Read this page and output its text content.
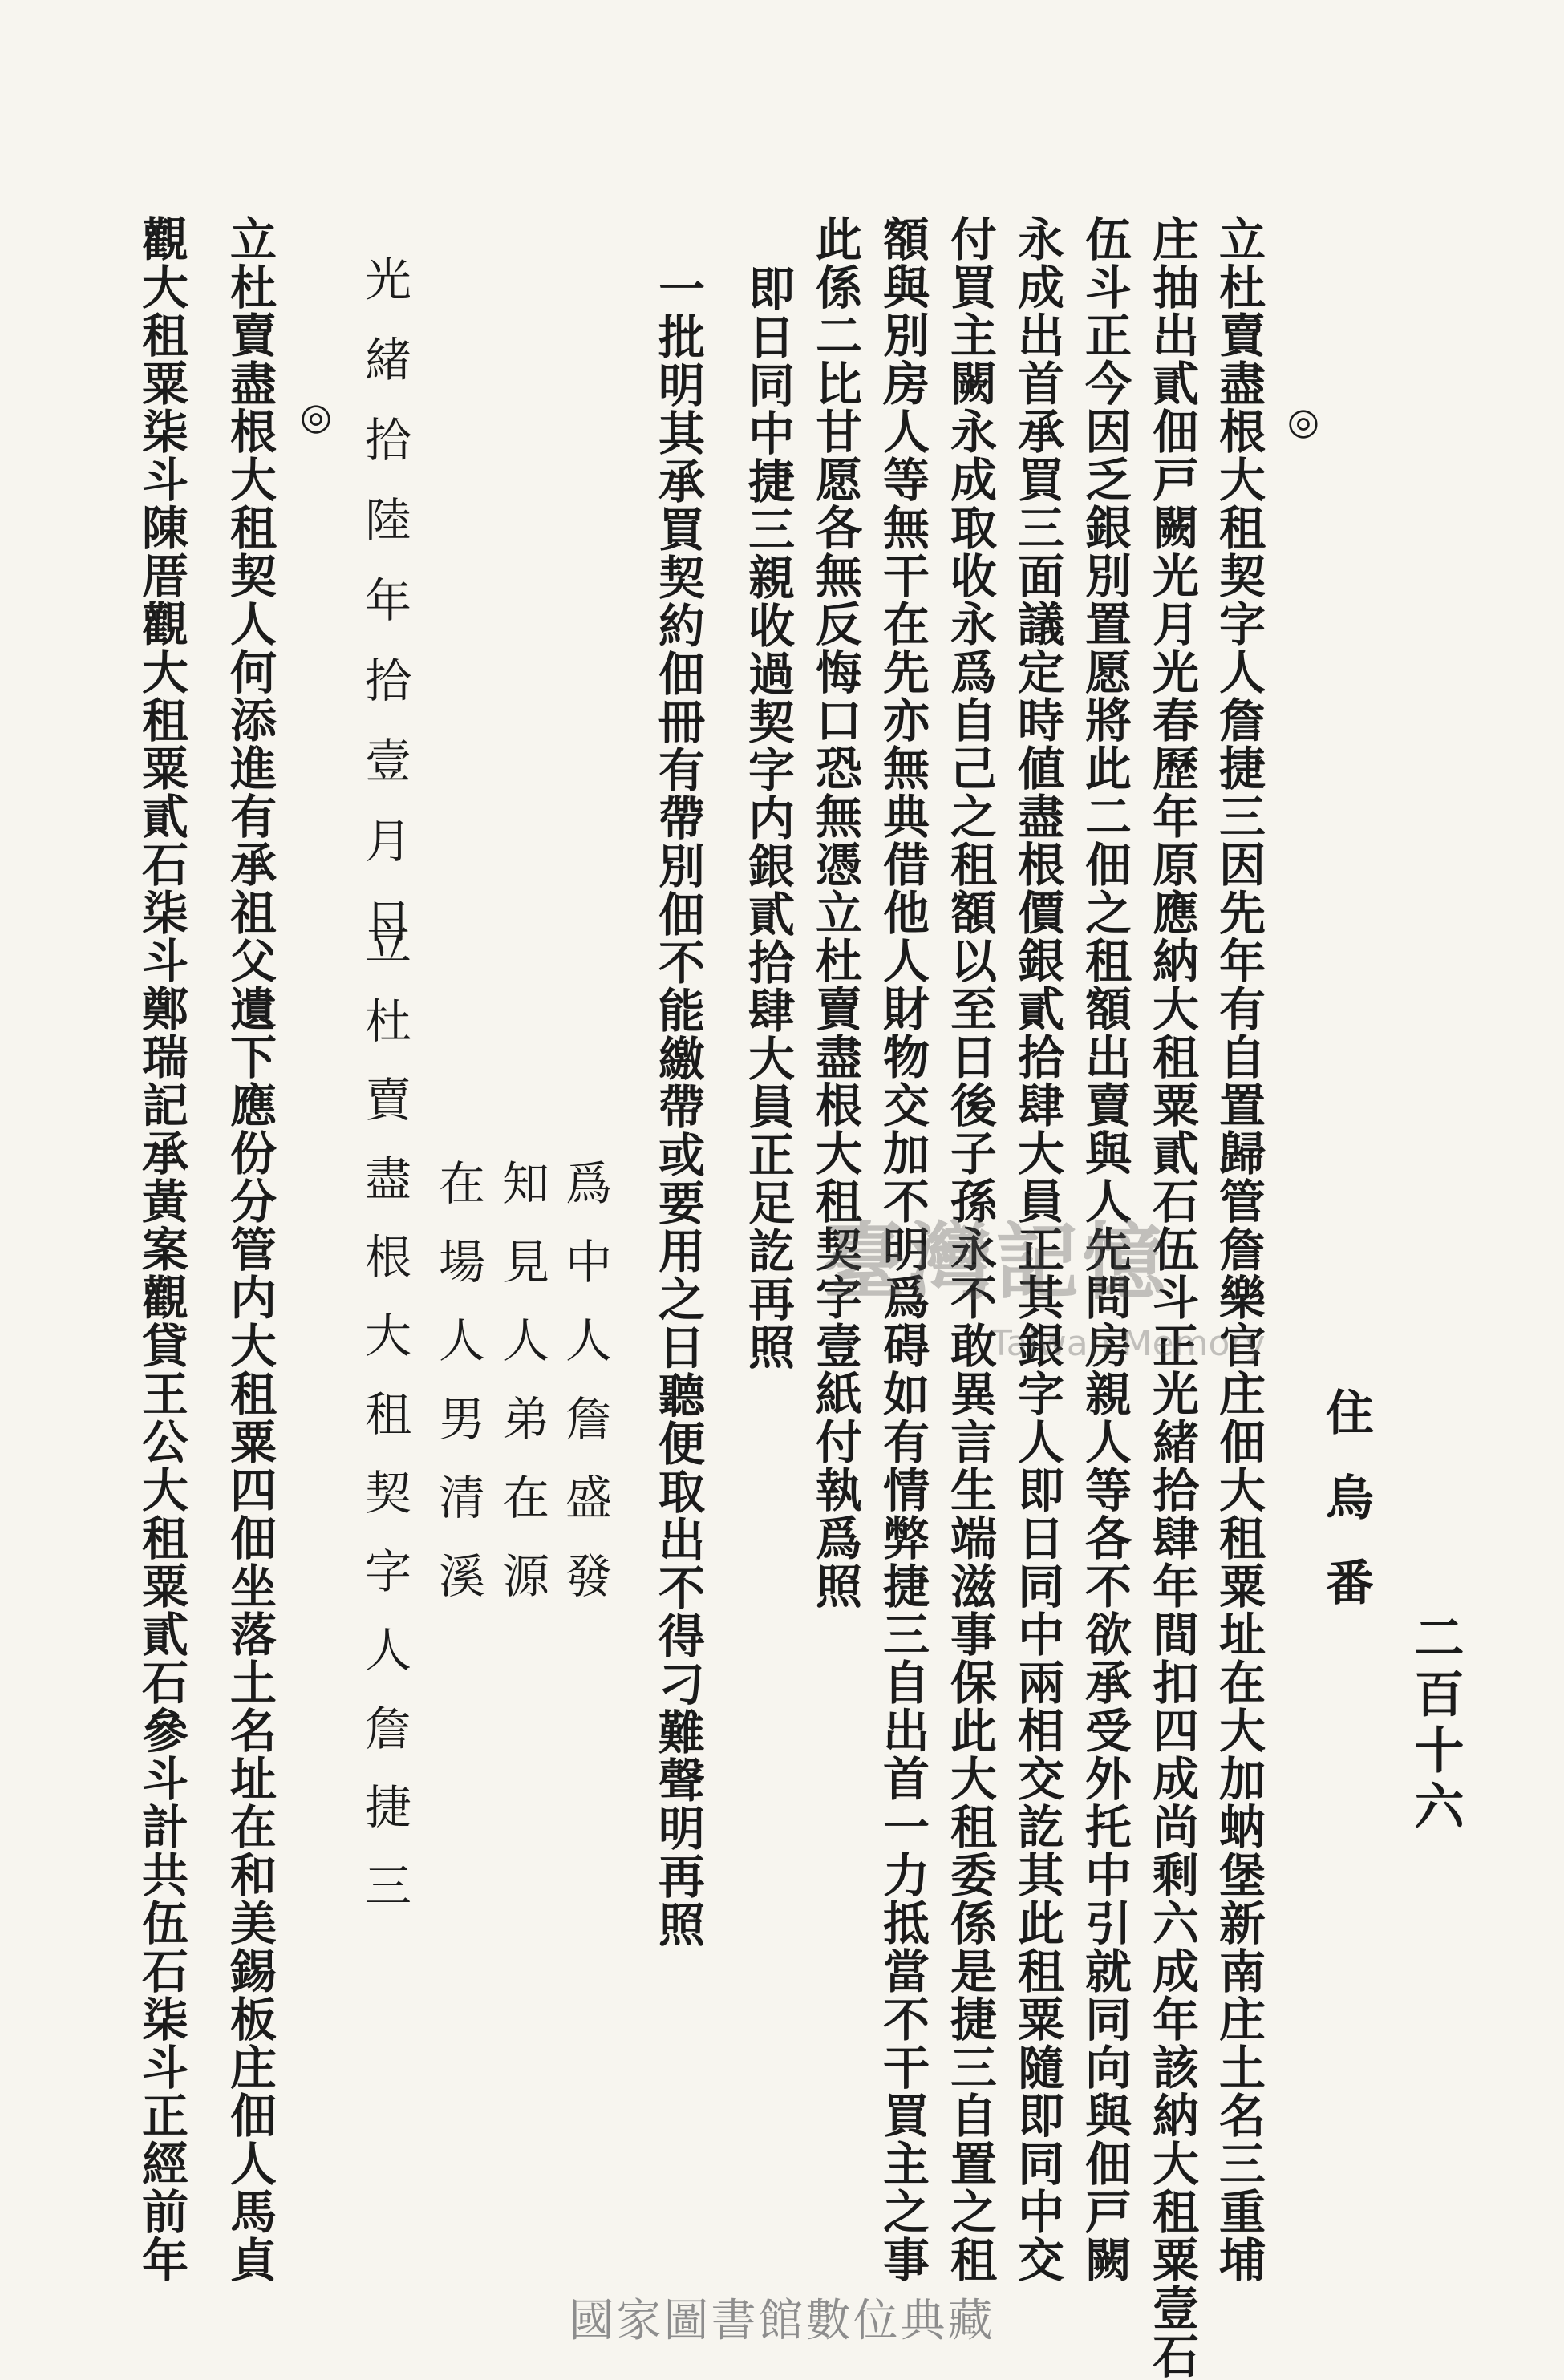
二百十六
住烏番
立杜賣盡根大租契字人詹捷三因先年有自置歸管詹樂官庄佃大租粟址在大加蚋堡新南庄土名三重埔 ◎
庄抽出貳佃戸闕光月光春歷年原應納大租粟貳石伍斗正光緒拾肆年間扣四成尚剩六成年該納大租粟壹石
伍斗正今因乏銀別置愿將此二佃之租額出賣與人先問房親人等各不欲承受外托中引就同向與佃戸闕
永成出首承買三面議定時値盡根價銀貳拾肆大員正其銀字人即日同中兩相交訖其此租粟隨即同中交
付買主闕永成取收永爲自己之租額以至日後子孫永不敢異言生端滋事保此大租委係是捷三自置之租
額與別房人等無干在先亦無典借他人財物交加不明爲碍如有情弊捷三自出首一力抵當不干買主之事
此係二比甘愿各無反悔口恐無憑立杜賣盡根大租契字壹紙付執爲照
即日同中捷三親收過契字内銀貳拾肆大員正足訖再照
一批明其承買契約佃冊有帶別佃不能繳帶或要用之日聽便取出不得刁難聲明再照
爲中人詹盛發
知見人弟在源
在場人男清溪
光緒拾陸年拾壹月日
立杜賣盡根大租契字人詹捷三
◎
立杜賣盡根大租契人何添進有承祖父遺下應份分管内大租粟四佃坐落土名址在和美錫板庄佃人馬貞
觀大租粟柒斗陳厝觀大租粟貳石柒斗鄭瑞記承黃案觀貸王公大租粟貳石參斗計共伍石柒斗正經前年	臺灣記憶
Taiwan Memory
國家圖書館數位典藏
